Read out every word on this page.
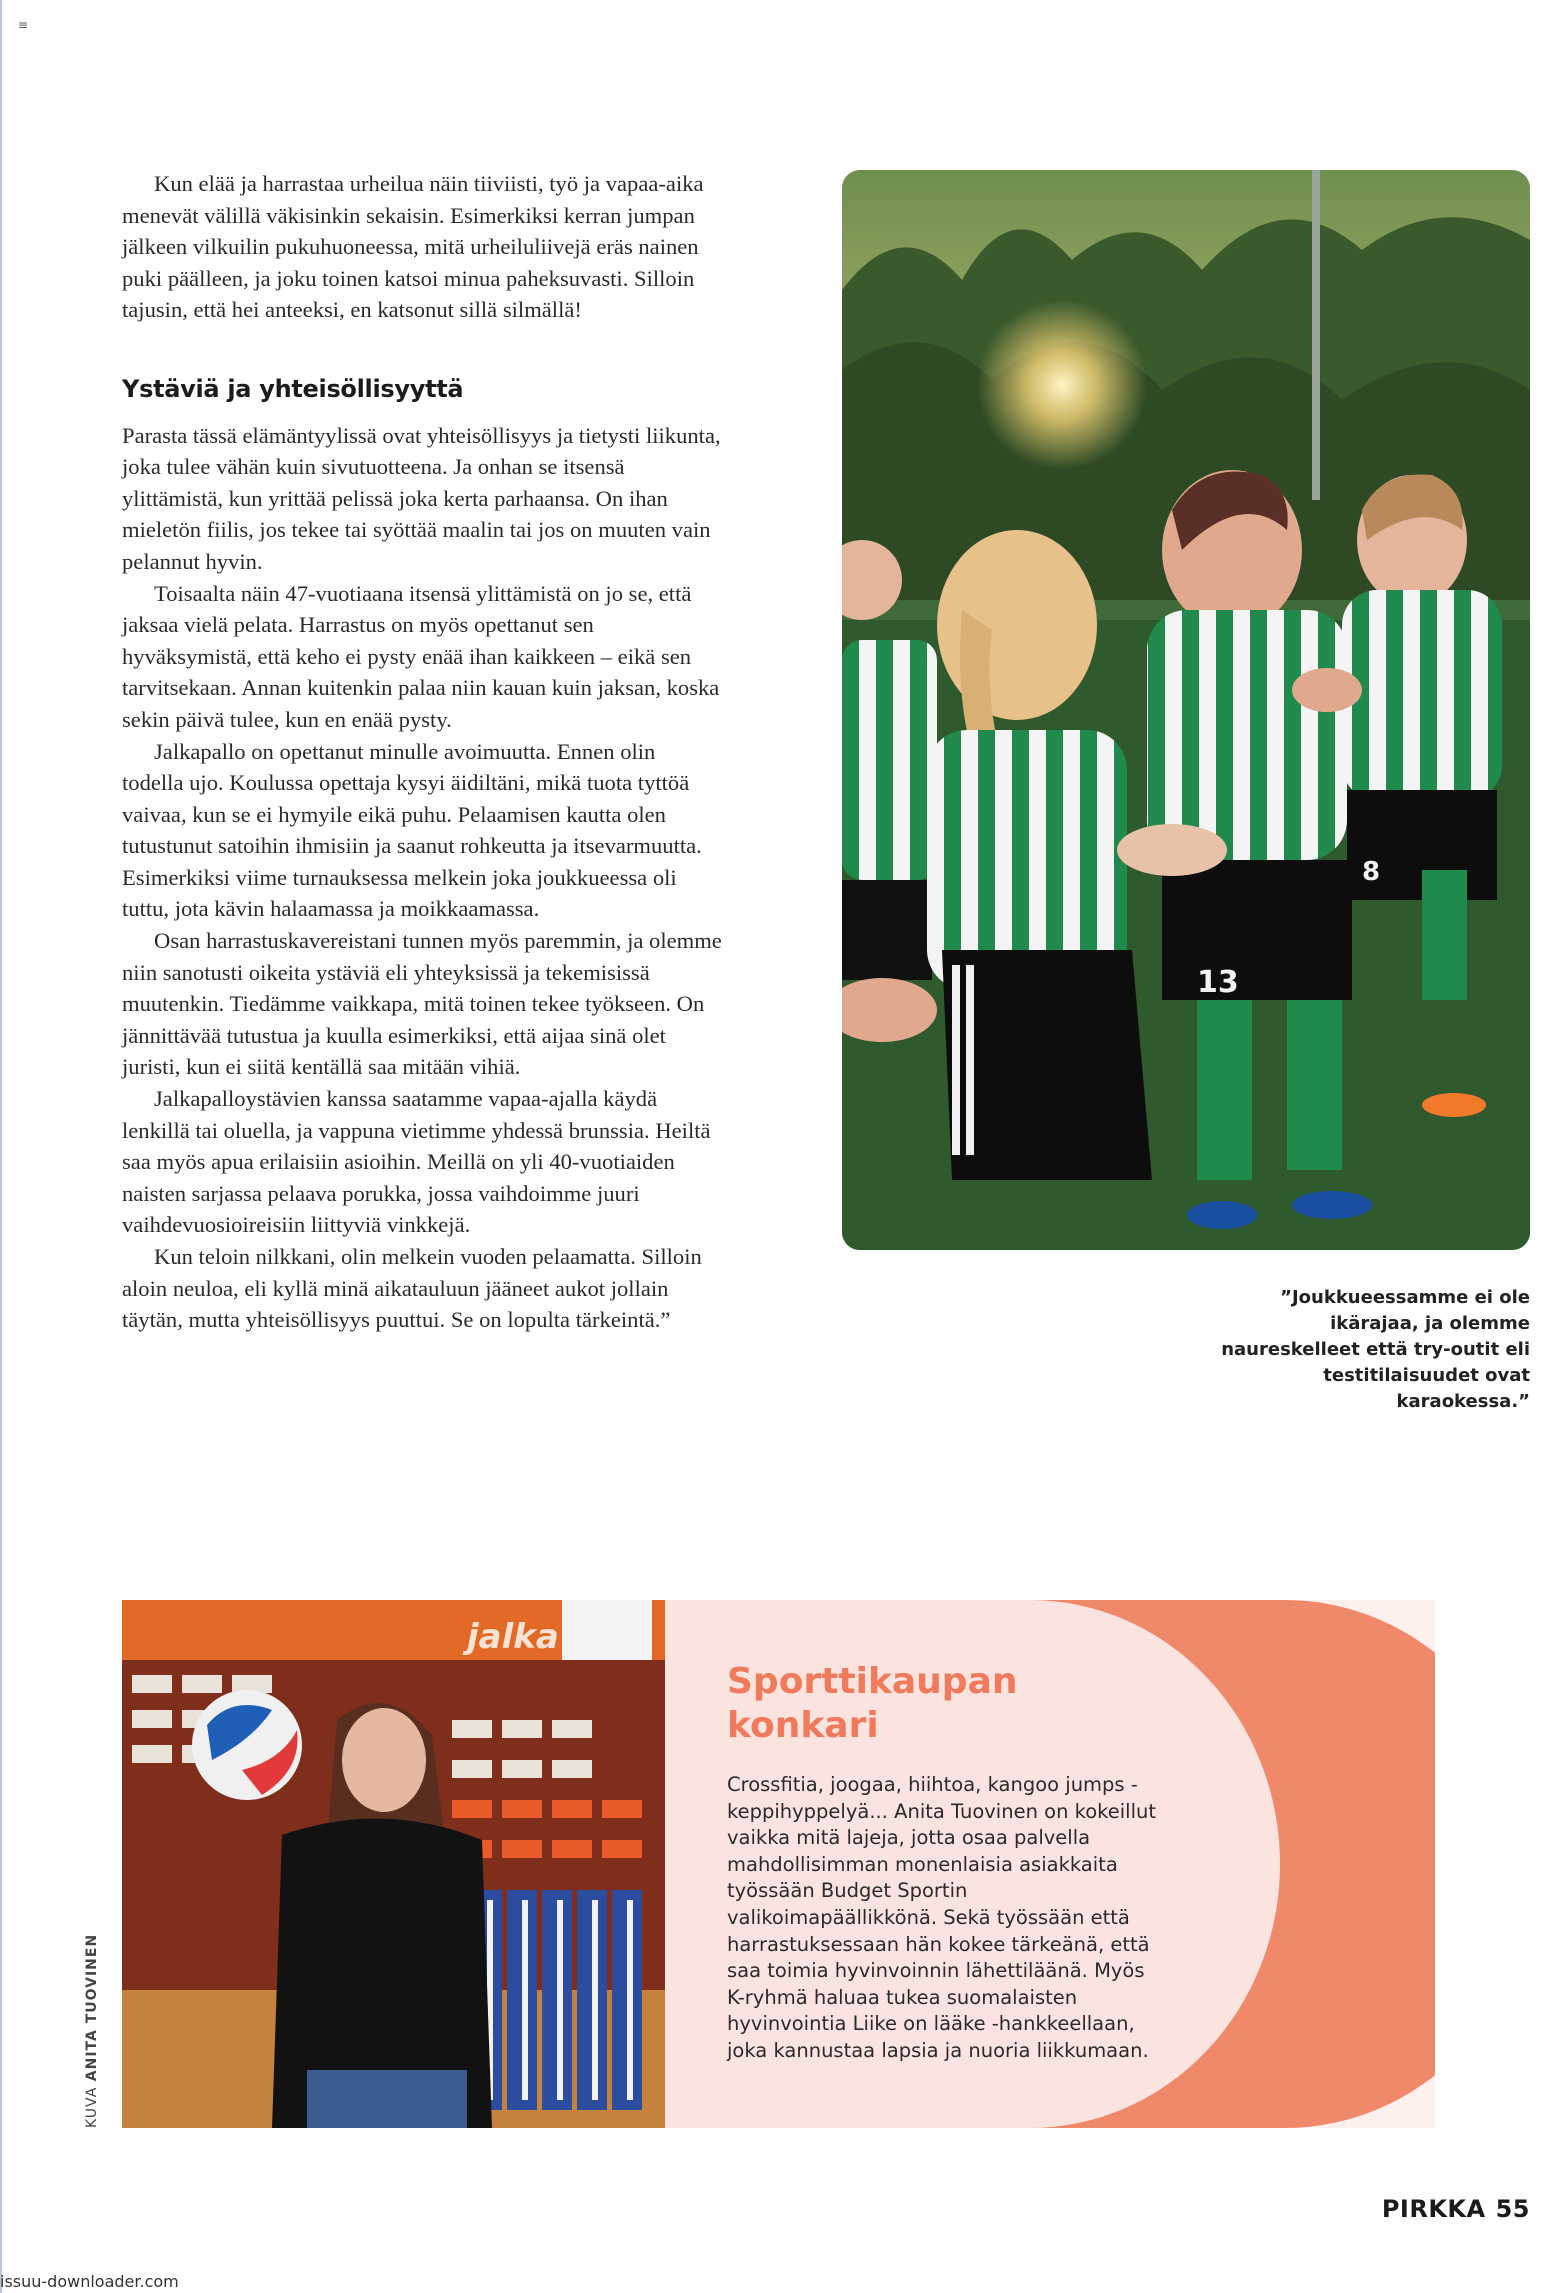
≡

Kun elää ja harrastaa urheilua näin tiiviisti, työ ja vapaa-aika menevät välillä väkisinkin sekaisin. Esimerkiksi kerran jumpan jälkeen vilkuilin pukuhuoneessa, mitä urheiluliivejä eräs nainen puki päälleen, ja joku toinen katsoi minua paheksuvasti. Silloin tajusin, että hei anteeksi, en katsonut sillä silmällä!

Ystäviä ja yhteisöllisyyttä

Parasta tässä elämäntyylissä ovat yhteisöllisyys ja tietysti liikunta, joka tulee vähän kuin sivutuotteena. Ja onhan se itsensä ylittämistä, kun yrittää pelissä joka kerta parhaansa. On ihan mieletön fiilis, jos tekee tai syöttää maalin tai jos on muuten vain pelannut hyvin.

Toisaalta näin 47-vuotiaana itsensä ylittämistä on jo se, että jaksaa vielä pelata. Harrastus on myös opettanut sen hyväksymistä, että keho ei pysty enää ihan kaikkeen – eikä sen tarvitsekaan. Annan kuitenkin palaa niin kauan kuin jaksan, koska sekin päivä tulee, kun en enää pysty.

Jalkapallo on opettanut minulle avoimuutta. Ennen olin todella ujo. Koulussa opettaja kysyi äidiltäni, mikä tuota tyttöä vaivaa, kun se ei hymyile eikä puhu. Pelaamisen kautta olen tutustunut satoihin ihmisiin ja saanut rohkeutta ja itsevarmuutta. Esimerkiksi viime turnauksessa melkein joka joukkueessa oli tuttu, jota kävin halaamassa ja moikkaamassa.

Osan harrastuskavereistani tunnen myös paremmin, ja olemme niin sanotusti oikeita ystäviä eli yhteyksissä ja tekemisissä muutenkin. Tiedämme vaikkapa, mitä toinen tekee työkseen. On jännittävää tutustua ja kuulla esimerkiksi, että aijaa sinä olet juristi, kun ei siitä kentällä saa mitään vihiä.

Jalkapalloystävien kanssa saatamme vapaa-ajalla käydä lenkillä tai oluella, ja vappuna vietimme yhdessä brunssia. Heiltä saa myös apua erilaisiin asioihin. Meillä on yli 40-vuotiaiden naisten sarjassa pelaava porukka, jossa vaihdoimme juuri vaihdevuosioireisiin liittyviä vinkkejä.

Kun teloin nilkkani, olin melkein vuoden pelaamatta. Silloin aloin neuloa, eli kyllä minä aikatauluun jääneet aukot jollain täytän, mutta yhteisöllisyys puuttui. Se on lopulta tärkeintä.”

13
8
”Joukkueessamme ei ole ikärajaa, ja olemme naureskelleet että try-outit eli testitilaisuudet ovat karaokessa.”
jalka
KUVA ANITA TUOVINEN
Sporttikaupan konkari
Crossfitia, joogaa, hiihtoa, kangoo jumps -keppihyppelyä... Anita Tuovinen on kokeillut vaikka mitä lajeja, jotta osaa palvella mahdollisimman monenlaisia asiakkaita työssään Budget Sportin valikoimapäällikkönä. Sekä työssään että harrastuksessaan hän kokee tärkeänä, että saa toimia hyvinvoinnin lähettiläänä. Myös K-ryhmä haluaa tukea suomalaisten hyvinvointia Liike on lääke -hankkeellaan, joka kannustaa lapsia ja nuoria liikkumaan.
PIRKKA 55
issuu-downloader.com
